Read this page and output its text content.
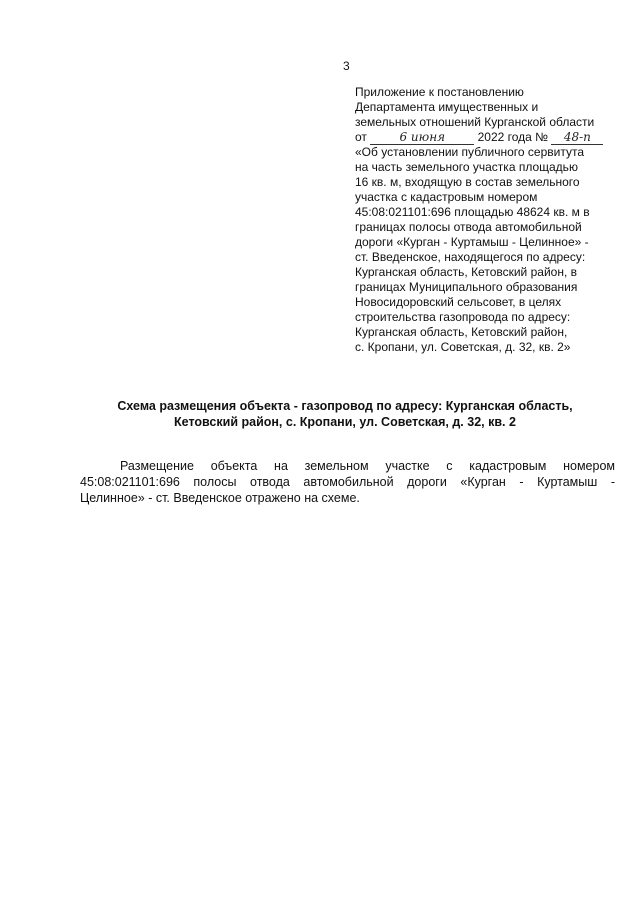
3
Приложение к постановлению
Департамента имущественных и
земельных отношений Курганской области
от	6 июня	2022 года № 48-п
«Об установлении публичного сервитута
на часть земельного участка площадью
16 кв. м, входящую в состав земельного
участка с кадастровым номером
45:08:021101:696 площадью 48624 кв. м в
границах полосы отвода автомобильной
дороги «Курган - Куртамыш - Целинное» -
ст. Введенское, находящегося по адресу:
Курганская область, Кетовский район, в
границах Муниципального образования
Новосидоровский сельсовет, в целях
строительства газопровода по адресу:
Курганская область, Кетовский район,
с. Кропани, ул. Советская, д. 32, кв. 2»
Схема размещения объекта - газопровод по адресу: Курганская область,
Кетовский район, с. Кропани, ул. Советская, д. 32, кв. 2
Размещение объекта на земельном участке с кадастровым номером
45:08:021101:696 полосы отвода автомобильной дороги «Курган - Куртамыш -
Целинное» - ст. Введенское отражено на схеме.
